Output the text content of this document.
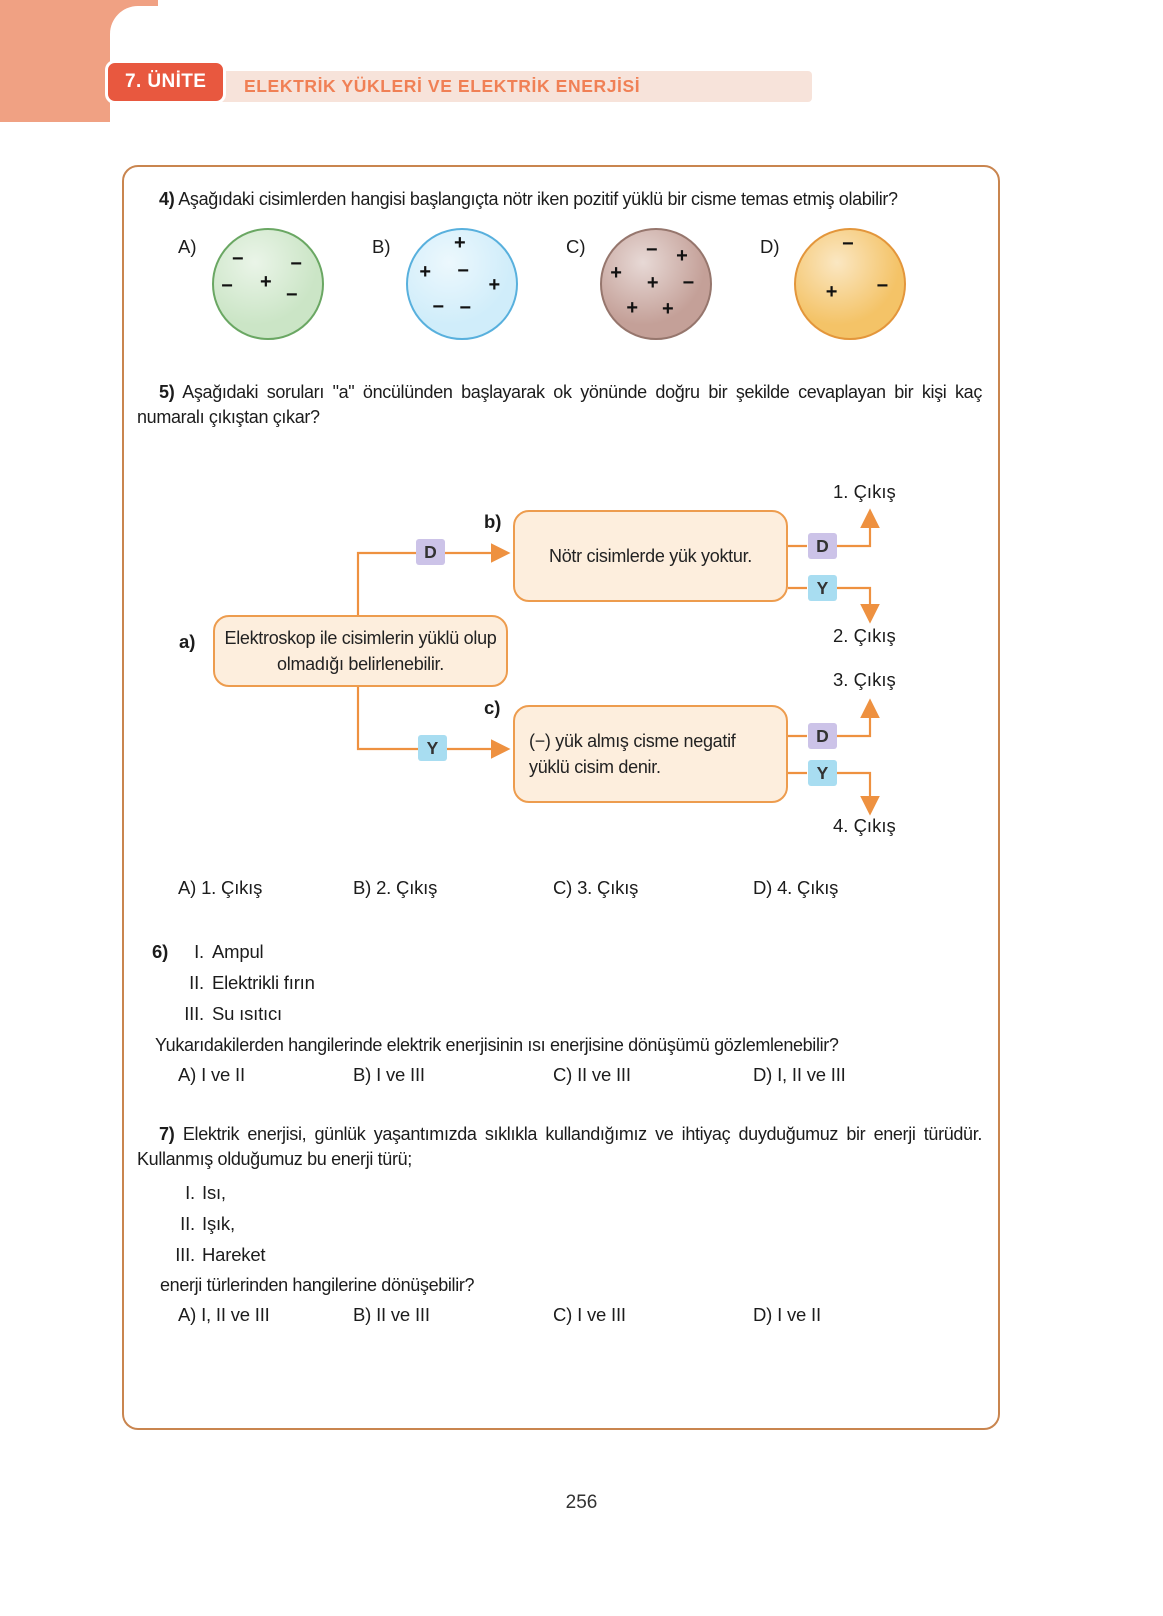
ELEKTRİK YÜKLERİ VE ELEKTRİK ENERJİSİ
7. ÜNİTE

4) Aşağıdaki cisimlerden hangisi başlangıçta nötr iken pozitif yüklü bir cisme temas etmiş olabilir?

A)
− −
− +
−
B)	+
+ −
+
− −
C)	− +
+ + −
+ +
D)	−
+ −

5) Aşağıdaki soruları "a" öncülünden başlayarak ok yönünde doğru bir şekilde cevaplayan bir kişi kaç numaralı çıkıştan çıkar?

1. Çıkış
2. Çıkış
3. Çıkış
4. Çıkış
b)
a)
c)
Nötr cisimlerde yük yoktur.
Elektroskop ile cisimlerin yüklü olup olmadığı belirlenebilir.
(−) yük almış cisme negatif yüklü cisim denir.
D
Y
D
Y
D
Y
A) 1. Çıkış	B) 2. Çıkış	C) 3. Çıkış	D) 4. Çıkış
6)	I. Ampul
II. Elektrikli fırın
III. Su ısıtıcı

Yukarıdakilerden hangilerinde elektrik enerjisinin ısı enerjisine dönüşümü gözlemlenebilir?

A) I ve II	B) I ve III	C) II ve III	D) I, II ve III

7) Elektrik enerjisi, günlük yaşantımızda sıklıkla kullandığımız ve ihtiyaç duyduğumuz bir enerji türüdür. Kullanmış olduğumuz bu enerji türü;

I. Isı,
II. Işık,
III. Hareket

enerji türlerinden hangilerine dönüşebilir?

A) I, II ve III	B) II ve III	C) I ve III	D) I ve II
256
